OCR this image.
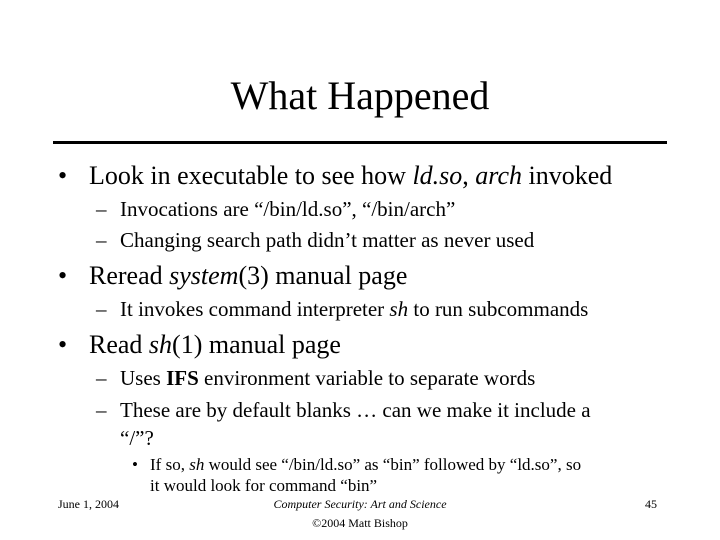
What Happened
• Look in executable to see how ld.so, arch invoked
– Invocations are “/bin/ld.so”, “/bin/arch”
– Changing search path didn’t matter as never used
• Reread system(3) manual page
– It invokes command interpreter sh to run subcommands
• Read sh(1) manual page
– Uses IFS environment variable to separate words
– These are by default blanks … can we make it include a
“/”?
• If so, sh would see “/bin/ld.so” as “bin” followed by “ld.so”, so
it would look for command “bin”
June 1, 2004	Computer Security: Art and Science
©2004 Matt Bishop
45
